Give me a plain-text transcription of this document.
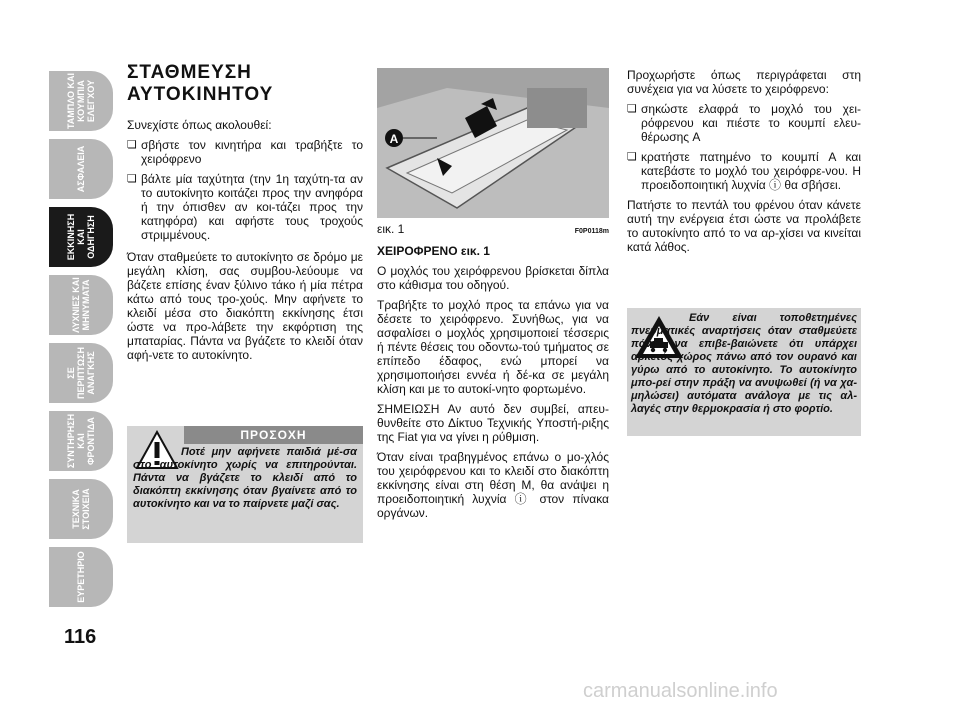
ΤΑΜΠΛΟ ΚΑΙ
ΚΟΥΜΠΙΑ
ΕΛΕΓΧΟΥ
ΑΣΦΑΛΕΙΑ
ΕΚΚΙΝΗΣΗ
ΚΑΙ ΟΔΗΓΗΣΗ
ΛΥΧΝΙΕΣ ΚΑΙ
ΜΗΝΥΜΑΤΑ
ΣΕ ΠΕΡΙΠΤΩΣΗ
ΑΝΑΓΚΗΣ
ΣΥΝΤΗΡΗΣΗ
ΚΑΙ ΦΡΟΝΤΙΔΑ
ΤΕΧΝΙΚΑ
ΣΤΟΙΧΕΙΑ
ΕΥΡΕΤΗΡΙΟ
116
ΣΤΑΘΜΕΥΣΗ
ΑΥΤΟΚΙΝΗΤΟΥ

Συνεχίστε όπως ακολουθεί:

❏ σβήστε τον κινητήρα και τραβήξτε το χειρόφρενο

❏ βάλτε μία ταχύτητα (την 1η ταχύτη-τα αν το αυτοκίνητο κοιτάζει προς την ανηφόρα ή την όπισθεν αν κοι-τάζει προς την κατηφόρα) και αφήστε τους τροχούς στριμμένους.

Όταν σταθμεύετε το αυτοκίνητο σε δρόμο με μεγάλη κλίση, σας συμβου-λεύουμε να βάζετε επίσης έναν ξύλινο τάκο ή μία πέτρα κάτω από τους τρο-χούς. Μην αφήνετε το κλειδί μέσα στο διακόπτη εκκίνησης έτσι ώστε να προ-λάβετε την εκφόρτιση της μπαταρίας. Πάντα να βγάζετε το κλειδί όταν αφή-νετε το αυτοκίνητο.

ΠΡΟΣΟΧΗ
Ποτέ μην αφήνετε παιδιά μέ-σα στο αυτοκίνητο χωρίς να επιτηρούνται. Πάντα να βγάζετε το κλειδί από το διακόπτη εκκίνησης όταν βγαίνετε από το αυτοκίνητο και να το παίρνετε μαζί σας.
A
εικ. 1	F0P0118m

ΧΕΙΡΟΦΡΕΝΟ εικ. 1

Ο μοχλός του χειρόφρενου βρίσκεται δίπλα στο κάθισμα του οδηγού.

Τραβήξτε το μοχλό προς τα επάνω για να δέσετε το χειρόφρενο. Συνήθως, για να ασφαλίσει ο μοχλός χρησιμοποιεί τέσσερις ή πέντε θέσεις του οδοντω-τού τμήματος σε επίπεδο έδαφος, ενώ μπορεί να χρησιμοποιήσει εννέα ή δέ-κα σε μεγάλη κλίση και με το αυτοκί-νητο φορτωμένο.

ΣΗΜΕΙΩΣΗ Αν αυτό δεν συμβεί, απευ-θυνθείτε στο Δίκτυο Τεχνικής Υποστή-ριξης της Fiat για να γίνει η ρύθμιση.

Όταν είναι τραβηγμένος επάνω ο μο-χλός του χειρόφρενου και το κλειδί στο διακόπτη εκκίνησης είναι στη θέση M, θα ανάψει η προειδοποιητική λυχνία ⓘ στον πίνακα οργάνων.

Προχωρήστε όπως περιγράφεται στη συνέχεια για να λύσετε το χειρόφρενο:

❏ σηκώστε ελαφρά το μοχλό του χει-ρόφρενου και πιέστε το κουμπί ελευ-θέρωσης A

❏ κρατήστε πατημένο το κουμπί A και κατεβάστε το μοχλό του χειρόφρε-νου. Η προειδοποιητική λυχνία ⓘ θα σβήσει.

Πατήστε το πεντάλ του φρένου όταν κάνετε αυτή την ενέργεια έτσι ώστε να προλάβετε το αυτοκίνητο από το να αρ-χίσει να κινείται κατά λάθος.

Εάν είναι τοποθετημένες πνευματικές αναρτήσεις όταν σταθμεύετε πάντα να επιβε-βαιώνετε ότι υπάρχει αρκετός χώρος πάνω από τον ουρανό και γύρω από το αυτοκίνητο. Το αυτοκίνητο μπο-ρεί στην πράξη να ανυψωθεί (ή να χα-μηλώσει) αυτόματα ανάλογα με τις αλ-λαγές στην θερμοκρασία ή στο φορτίο.
carmanualsonline.info
